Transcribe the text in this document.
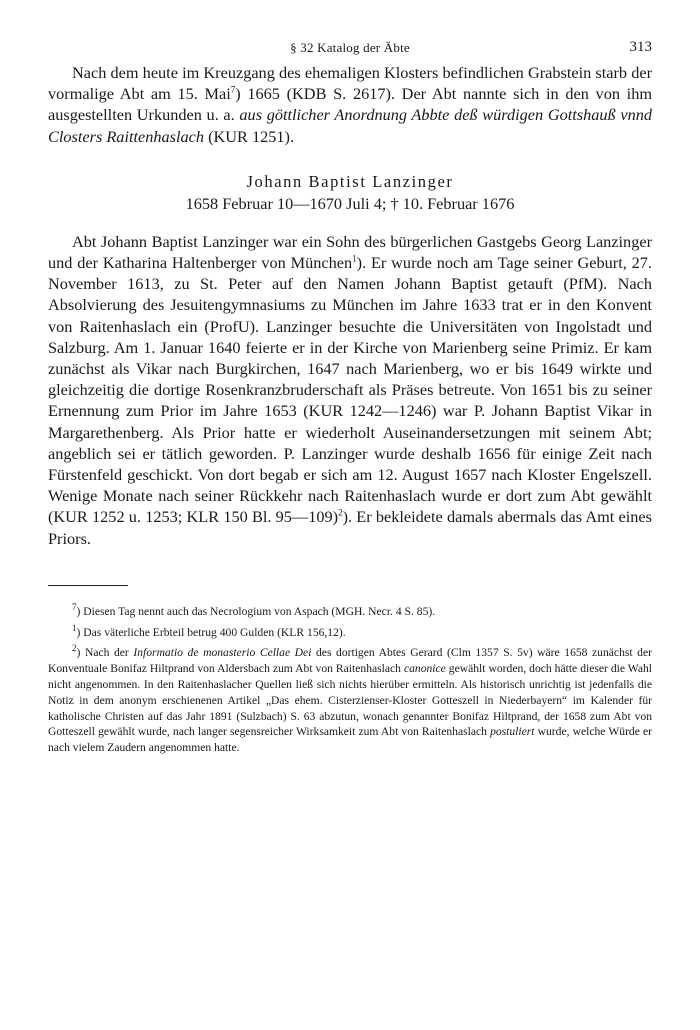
§ 32 Katalog der Äbte	313

Nach dem heute im Kreuzgang des ehemaligen Klosters befindlichen Grabstein starb der vormalige Abt am 15. Mai$^7$) 1665 (KDB S. 2617). Der Abt nannte sich in den von ihm ausgestellten Urkunden u. a. aus göttlicher Anordnung Abbte deß würdigen Gottshauß vnnd Closters Raittenhaslach (KUR 1251).

Johann Baptist Lanzinger
1658 Februar 10—1670 Juli 4; † 10. Februar 1676

Abt Johann Baptist Lanzinger war ein Sohn des bürgerlichen Gastgebs Georg Lanzinger und der Katharina Haltenberger von München$^1$). Er wurde noch am Tage seiner Geburt, 27. November 1613, zu St. Peter auf den Namen Johann Baptist getauft (PfM). Nach Absolvierung des Jesuitengymnasiums zu München im Jahre 1633 trat er in den Konvent von Raitenhaslach ein (ProfU). Lanzinger besuchte die Universitäten von Ingolstadt und Salzburg. Am 1. Januar 1640 feierte er in der Kirche von Marienberg seine Primiz. Er kam zunächst als Vikar nach Burgkirchen, 1647 nach Marienberg, wo er bis 1649 wirkte und gleichzeitig die dortige Rosenkranzbruderschaft als Präses betreute. Von 1651 bis zu seiner Ernennung zum Prior im Jahre 1653 (KUR 1242—1246) war P. Johann Baptist Vikar in Margarethenberg. Als Prior hatte er wiederholt Auseinandersetzungen mit seinem Abt; angeblich sei er tätlich geworden. P. Lanzinger wurde deshalb 1656 für einige Zeit nach Fürstenfeld geschickt. Von dort begab er sich am 12. August 1657 nach Kloster Engelszell. Wenige Monate nach seiner Rückkehr nach Raitenhaslach wurde er dort zum Abt gewählt (KUR 1252 u. 1253; KLR 150 Bl. 95—109)$^2$). Er bekleidete damals abermals das Amt eines Priors.

$^7$) Diesen Tag nennt auch das Necrologium von Aspach (MGH. Necr. 4 S. 85).

$^1$) Das väterliche Erbteil betrug 400 Gulden (KLR 156,12).

$^2$) Nach der Informatio de monasterio Cellae Dei des dortigen Abtes Gerard (Clm 1357 S. 5v) wäre 1658 zunächst der Konventuale Bonifaz Hiltprand von Aldersbach zum Abt von Raitenhaslach canonice gewählt worden, doch hätte dieser die Wahl nicht angenommen. In den Raitenhaslacher Quellen ließ sich nichts hierüber ermitteln. Als historisch unrichtig ist jedenfalls die Notiz in dem anonym erschienenen Artikel „Das ehem. Cisterzienser-Kloster Gotteszell in Niederbayern“ im Kalender für katholische Christen auf das Jahr 1891 (Sulzbach) S. 63 abzutun, wonach genannter Bonifaz Hiltprand, der 1658 zum Abt von Gotteszell gewählt wurde, nach langer segensreicher Wirksamkeit zum Abt von Raitenhaslach postuliert wurde, welche Würde er nach vielem Zaudern angenommen hatte.
